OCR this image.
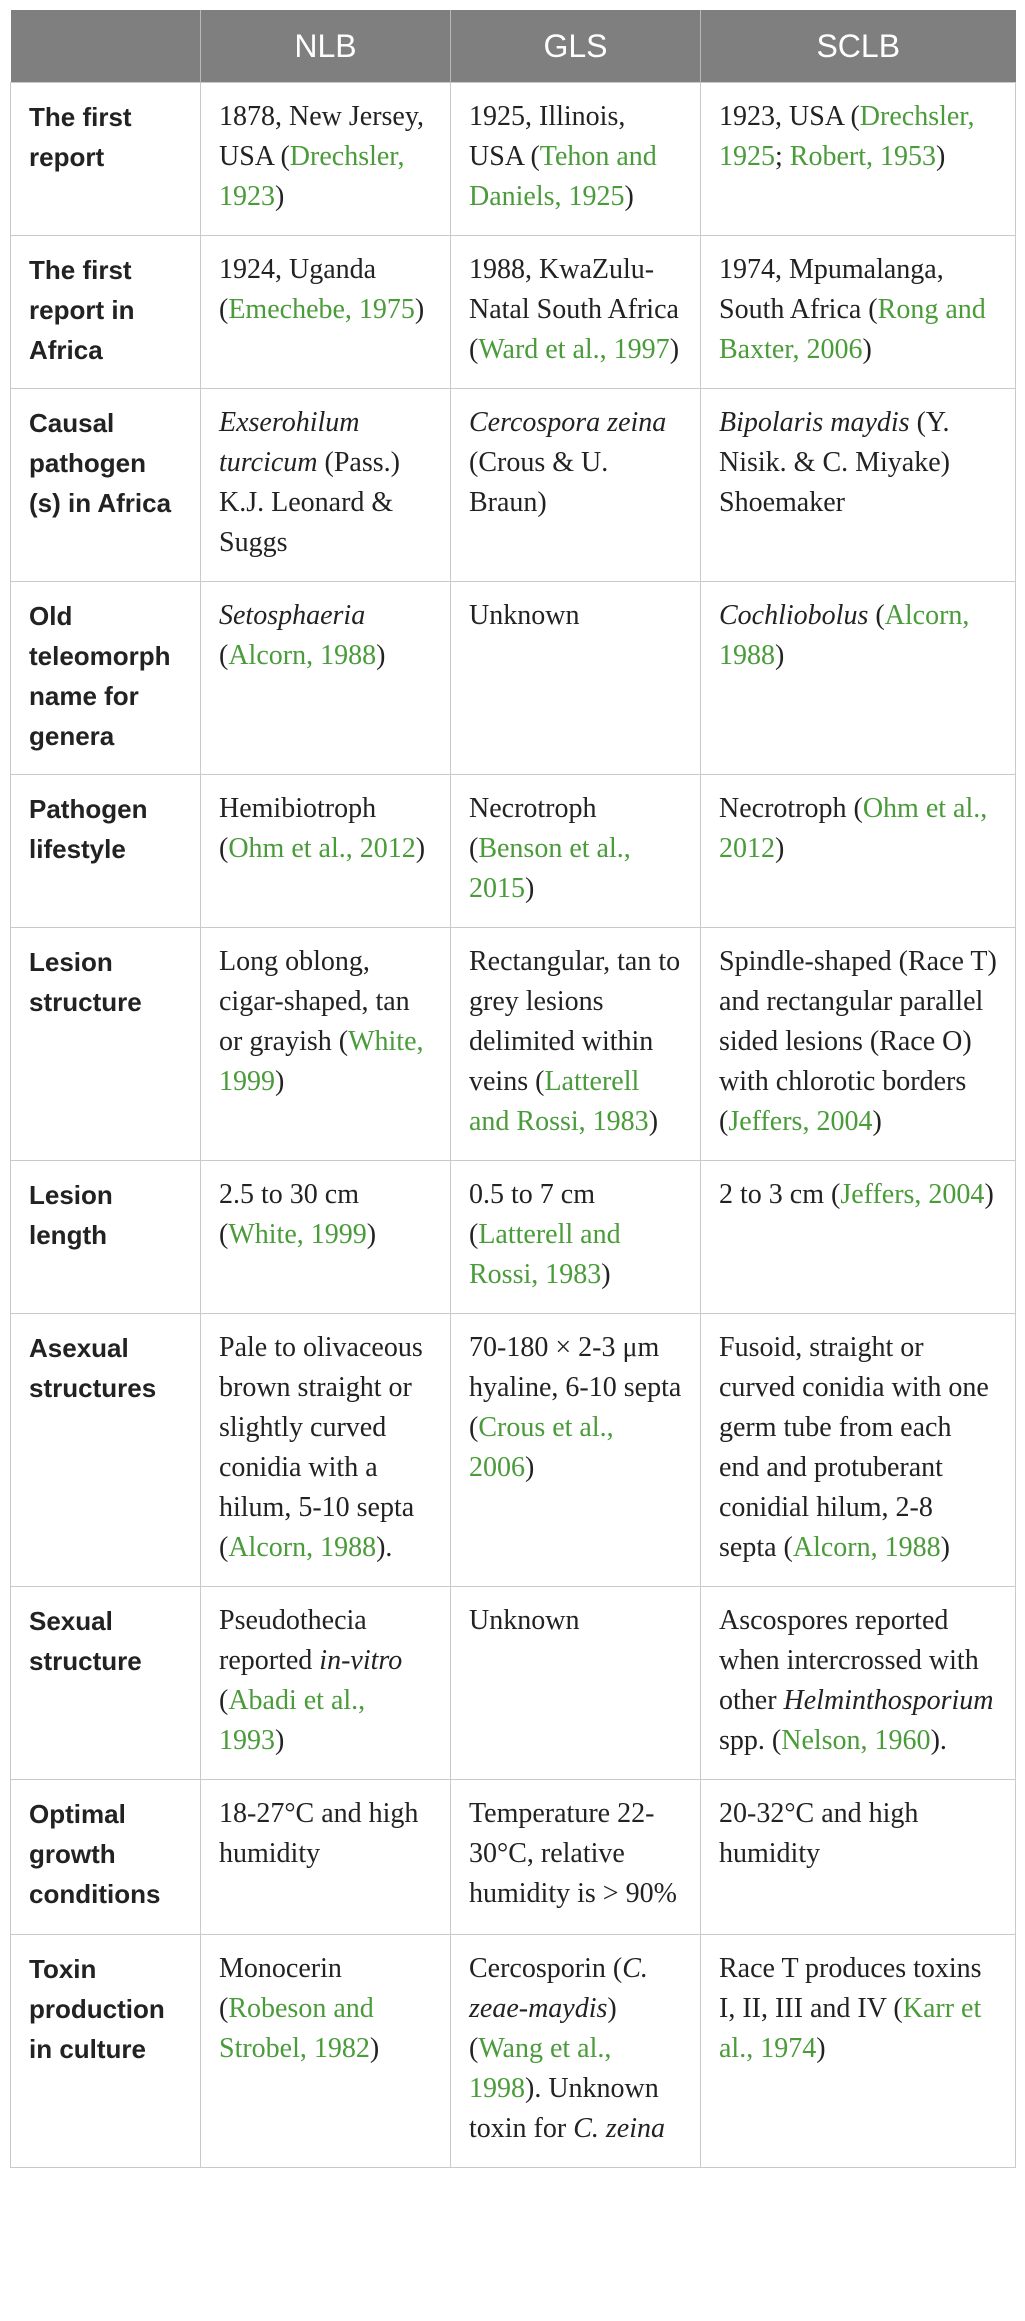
	NLB	GLS	SCLB
The first report	1878, New Jersey, USA (Drechsler, 1923)	1925, Illinois, USA (Tehon and Daniels, 1925)	1923, USA (Drechsler, 1925; Robert, 1953)
The first report in Africa	1924, Uganda (Emechebe, 1975)	1988, KwaZulu-Natal South Africa (Ward et al., 1997)	1974, Mpumalanga, South Africa (Rong and Baxter, 2006)
Causal pathogen (s) in Africa	Exserohilum turcicum (Pass.) K.J. Leonard & Suggs	Cercospora zeina (Crous & U. Braun)	Bipolaris maydis (Y. Nisik. & C. Miyake) Shoemaker
Old teleomorph name for genera	Setosphaeria (Alcorn, 1988)	Unknown	Cochliobolus (Alcorn, 1988)
Pathogen lifestyle	Hemibiotroph (Ohm et al., 2012)	Necrotroph (Benson et al., 2015)	Necrotroph (Ohm et al., 2012)
Lesion structure	Long oblong, cigar-shaped, tan or grayish (White, 1999)	Rectangular, tan to grey lesions delimited within veins (Latterell and Rossi, 1983)	Spindle-shaped (Race T) and rectangular parallel sided lesions (Race O) with chlorotic borders (Jeffers, 2004)
Lesion length	2.5 to 30 cm (White, 1999)	0.5 to 7 cm (Latterell and Rossi, 1983)	2 to 3 cm (Jeffers, 2004)
Asexual structures	Pale to olivaceous brown straight or slightly curved conidia with a hilum, 5-10 septa (Alcorn, 1988).	70-180 × 2-3 μm hyaline, 6-10 septa (Crous et al., 2006)	Fusoid, straight or curved conidia with one germ tube from each end and protuberant conidial hilum, 2-8 septa (Alcorn, 1988)
Sexual structure	Pseudothecia reported in-vitro (Abadi et al., 1993)	Unknown	Ascospores reported when intercrossed with other Helminthosporium spp. (Nelson, 1960).
Optimal growth conditions	18-27°C and high humidity	Temperature 22-30°C, relative humidity is > 90%	20-32°C and high humidity
Toxin production in culture	Monocerin (Robeson and Strobel, 1982)	Cercosporin (C. zeae-maydis) (Wang et al., 1998). Unknown toxin for C. zeina	Race T produces toxins I, II, III and IV (Karr et al., 1974)
